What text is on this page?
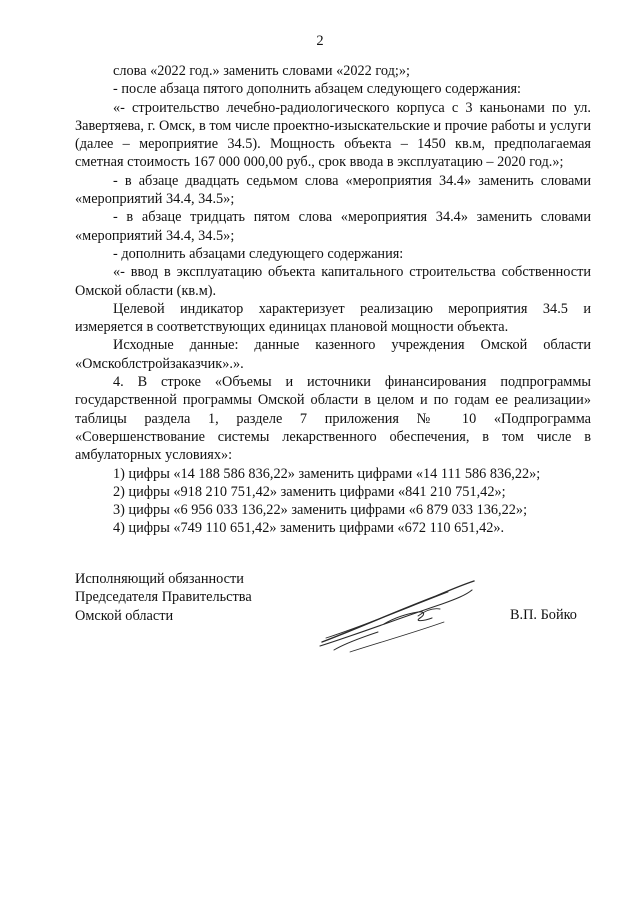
2

слова «2022 год.» заменить словами «2022 год;»;

- после абзаца пятого дополнить абзацем следующего содержания:

«- строительство лечебно-радиологического корпуса с 3 каньонами по ул. Завертяева, г. Омск, в том числе проектно-изыскательские и прочие работы и услуги (далее – мероприятие 34.5). Мощность объекта – 1450 кв.м, предполагаемая сметная стоимость 167 000 000,00 руб., срок ввода в эксплуатацию – 2020 год.»;

- в абзаце двадцать седьмом слова «мероприятия 34.4» заменить словами «мероприятий 34.4, 34.5»;

- в абзаце тридцать пятом слова «мероприятия 34.4» заменить словами «мероприятий 34.4, 34.5»;

- дополнить абзацами следующего содержания:

«- ввод в эксплуатацию объекта капитального строительства собственности Омской области (кв.м).

Целевой индикатор характеризует реализацию мероприятия 34.5 и измеряется в соответствующих единицах плановой мощности объекта.

Исходные данные: данные казенного учреждения Омской области «Омскоблстройзаказчик».».

4. В строке «Объемы и источники финансирования подпрограммы государственной программы Омской области в целом и по годам ее реализации» таблицы раздела 1, разделе 7 приложения № 10 «Подпрограмма «Совершенствование системы лекарственного обеспечения, в том числе в амбулаторных условиях»:

1) цифры «14 188 586 836,22» заменить цифрами «14 111 586 836,22»;

2) цифры «918 210 751,42» заменить цифрами «841 210 751,42»;

3) цифры «6 956 033 136,22» заменить цифрами «6 879 033 136,22»;

4) цифры «749 110 651,42» заменить цифрами «672 110 651,42».

Исполняющий обязанности
Председателя Правительства
Омской области	В.П. Бойко
